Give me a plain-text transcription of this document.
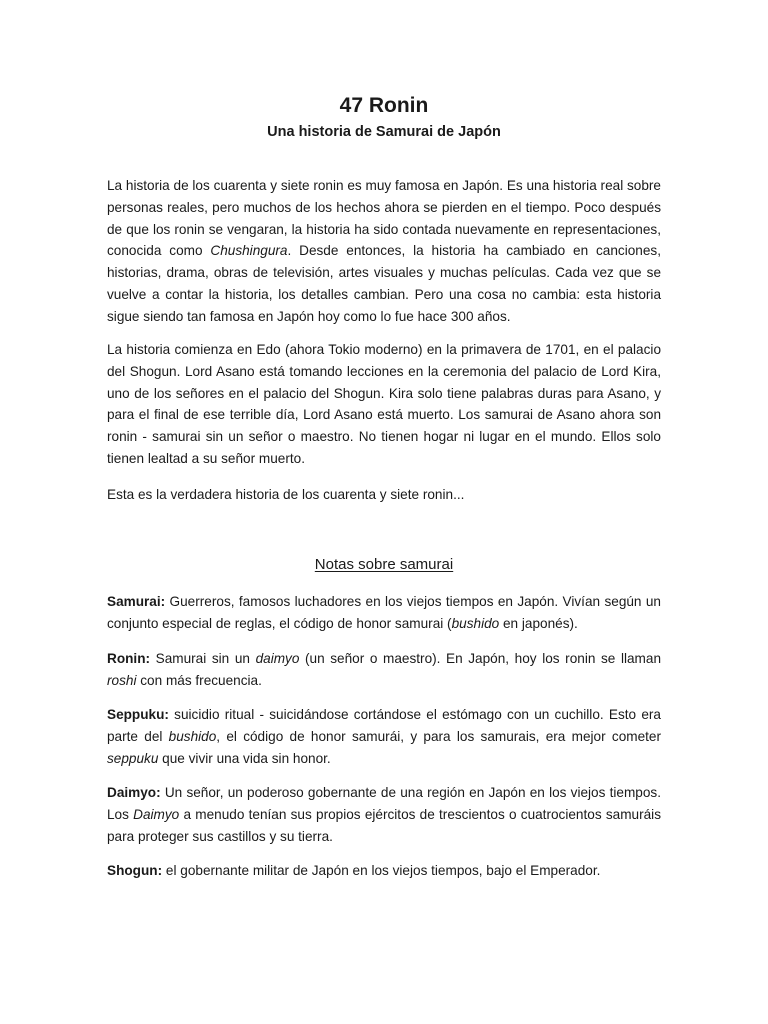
47 Ronin
Una historia de Samurai de Japón

La historia de los cuarenta y siete ronin es muy famosa en Japón. Es una historia real sobre personas reales, pero muchos de los hechos ahora se pierden en el tiempo. Poco después de que los ronin se vengaran, la historia ha sido contada nuevamente en representaciones, conocida como Chushingura. Desde entonces, la historia ha cambiado en canciones, historias, drama, obras de televisión, artes visuales y muchas películas. Cada vez que se vuelve a contar la historia, los detalles cambian. Pero una cosa no cambia: esta historia sigue siendo tan famosa en Japón hoy como lo fue hace 300 años.

La historia comienza en Edo (ahora Tokio moderno) en la primavera de 1701, en el palacio del Shogun. Lord Asano está tomando lecciones en la ceremonia del palacio de Lord Kira, uno de los señores en el palacio del Shogun. Kira solo tiene palabras duras para Asano, y para el final de ese terrible día, Lord Asano está muerto. Los samurai de Asano ahora son ronin - samurai sin un señor o maestro. No tienen hogar ni lugar en el mundo. Ellos solo tienen lealtad a su señor muerto.

Esta es la verdadera historia de los cuarenta y siete ronin...

Notas sobre samurai

Samurai: Guerreros, famosos luchadores en los viejos tiempos en Japón. Vivían según un conjunto especial de reglas, el código de honor samurai (bushido en japonés).

Ronin: Samurai sin un daimyo (un señor o maestro). En Japón, hoy los ronin se llaman roshi con más frecuencia.

Seppuku: suicidio ritual - suicidándose cortándose el estómago con un cuchillo. Esto era parte del bushido, el código de honor samurái, y para los samurais, era mejor cometer seppuku que vivir una vida sin honor.

Daimyo: Un señor, un poderoso gobernante de una región en Japón en los viejos tiempos. Los Daimyo a menudo tenían sus propios ejércitos de trescientos o cuatrocientos samuráis para proteger sus castillos y su tierra.

Shogun: el gobernante militar de Japón en los viejos tiempos, bajo el Emperador.
